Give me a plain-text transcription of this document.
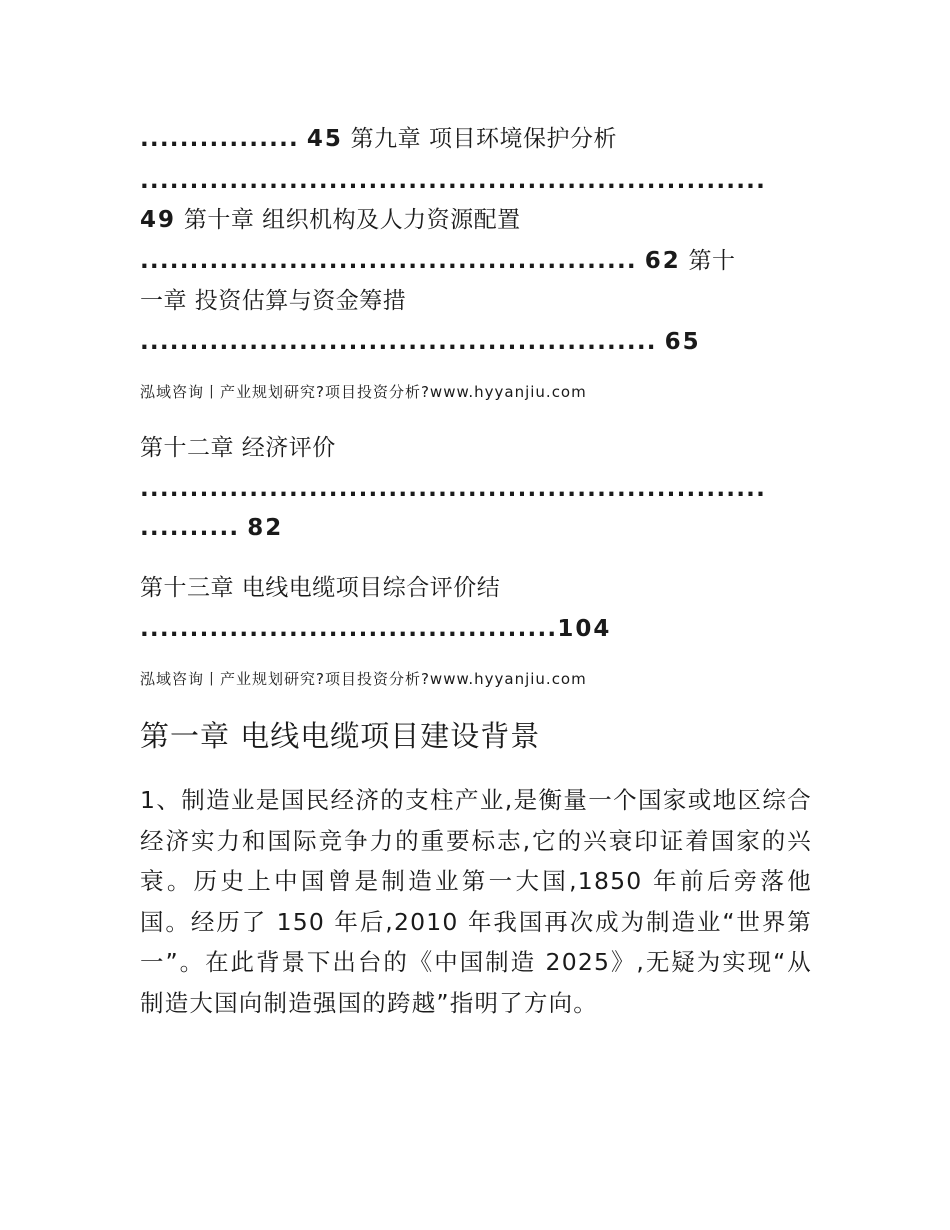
................ 45 第九章 项目环境保护分析
...............................................................
49 第十章 组织机构及人力资源配置
.................................................. 62 第十
一章 投资估算与资金筹措
.................................................... 65
泓域咨询丨产业规划研究?项目投资分析?www.hyyanjiu.com
第十二章 经济评价
...............................................................
.......... 82
第十三章 电线电缆项目综合评价结
..........................................104
泓域咨询丨产业规划研究?项目投资分析?www.hyyanjiu.com
第一章 电线电缆项目建设背景

1、制造业是国民经济的支柱产业,是衡量一个国家或地区综合经济实力和国际竞争力的重要标志,它的兴衰印证着国家的兴衰。历史上中国曾是制造业第一大国,1850 年前后旁落他国。经历了 150 年后,2010 年我国再次成为制造业“世界第一”。在此背景下出台的《中国制造 2025》,无疑为实现“从制造大国向制造强国的跨越”指明了方向。
